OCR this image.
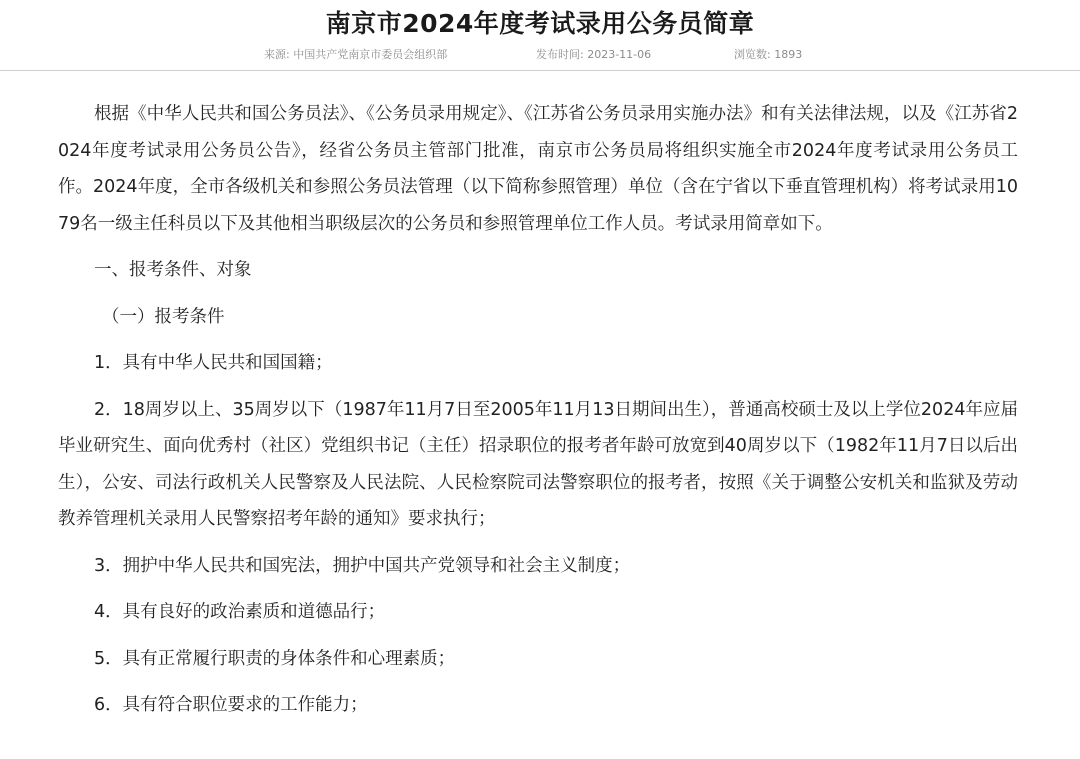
南京市2024年度考试录用公务员简章
来源: 中国共产党南京市委员会组织部	发布时间: 2023-11-06	浏览数: 1893

根据《中华人民共和国公务员法》、《公务员录用规定》、《江苏省公务员录用实施办法》和有关法律法规，以及《江苏省2024年度考试录用公务员公告》，经省公务员主管部门批准，南京市公务员局将组织实施全市2024年度考试录用公务员工作。2024年度，全市各级机关和参照公务员法管理（以下简称参照管理）单位（含在宁省以下垂直管理机构）将考试录用1079名一级主任科员以下及其他相当职级层次的公务员和参照管理单位工作人员。考试录用简章如下。

一、报考条件、对象

（一）报考条件

1．具有中华人民共和国国籍；

2．18周岁以上、35周岁以下（1987年11月7日至2005年11月13日期间出生），普通高校硕士及以上学位2024年应届毕业研究生、面向优秀村（社区）党组织书记（主任）招录职位的报考者年龄可放宽到40周岁以下（1982年11月7日以后出生），公安、司法行政机关人民警察及人民法院、人民检察院司法警察职位的报考者，按照《关于调整公安机关和监狱及劳动教养管理机关录用人民警察招考年龄的通知》要求执行；

3．拥护中华人民共和国宪法，拥护中国共产党领导和社会主义制度；

4．具有良好的政治素质和道德品行；

5．具有正常履行职责的身体条件和心理素质；

6．具有符合职位要求的工作能力；
